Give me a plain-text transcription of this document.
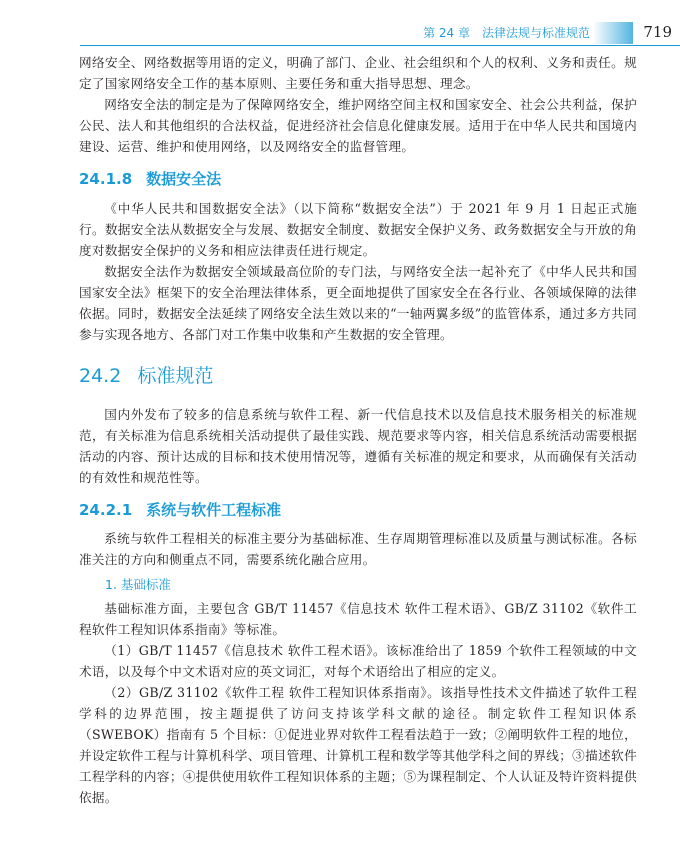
第 24 章　法律法规与标准规范	719

网络安全、网络数据等用语的定义，明确了部门、企业、社会组织和个人的权利、义务和责任。规定了国家网络安全工作的基本原则、主要任务和重大指导思想、理念。

网络安全法的制定是为了保障网络安全，维护网络空间主权和国家安全、社会公共利益，保护公民、法人和其他组织的合法权益，促进经济社会信息化健康发展。适用于在中华人民共和国境内建设、运营、维护和使用网络，以及网络安全的监督管理。

24.1.8 数据安全法

《中华人民共和国数据安全法》（以下简称“数据安全法”）于 2021 年 9 月 1 日起正式施行。数据安全法从数据安全与发展、数据安全制度、数据安全保护义务、政务数据安全与开放的角度对数据安全保护的义务和相应法律责任进行规定。

数据安全法作为数据安全领域最高位阶的专门法，与网络安全法一起补充了《中华人民共和国国家安全法》框架下的安全治理法律体系，更全面地提供了国家安全在各行业、各领域保障的法律依据。同时，数据安全法延续了网络安全法生效以来的“一轴两翼多级”的监管体系，通过多方共同参与实现各地方、各部门对工作集中收集和产生数据的安全管理。

24.2 标准规范

国内外发布了较多的信息系统与软件工程、新一代信息技术以及信息技术服务相关的标准规范，有关标准为信息系统相关活动提供了最佳实践、规范要求等内容，相关信息系统活动需要根据活动的内容、预计达成的目标和技术使用情况等，遵循有关标准的规定和要求，从而确保有关活动的有效性和规范性等。

24.2.1 系统与软件工程标准

系统与软件工程相关的标准主要分为基础标准、生存周期管理标准以及质量与测试标准。各标准关注的方向和侧重点不同，需要系统化融合应用。

1. 基础标准

基础标准方面，主要包含 GB/T 11457《信息技术 软件工程术语》、GB/Z 31102《软件工程软件工程知识体系指南》等标准。

（1）GB/T 11457《信息技术 软件工程术语》。该标准给出了 1859 个软件工程领域的中文术语，以及每个中文术语对应的英文词汇，对每个术语给出了相应的定义。

（2）GB/Z 31102《软件工程 软件工程知识体系指南》。该指导性技术文件描述了软件工程学科的边界范围，按主题提供了访问支持该学科文献的途径。制定软件工程知识体系（SWEBOK）指南有 5 个目标：①促进业界对软件工程看法趋于一致；②阐明软件工程的地位，并设定软件工程与计算机科学、项目管理、计算机工程和数学等其他学科之间的界线；③描述软件工程学科的内容；④提供使用软件工程知识体系的主题；⑤为课程制定、个人认证及特许资料提供依据。
